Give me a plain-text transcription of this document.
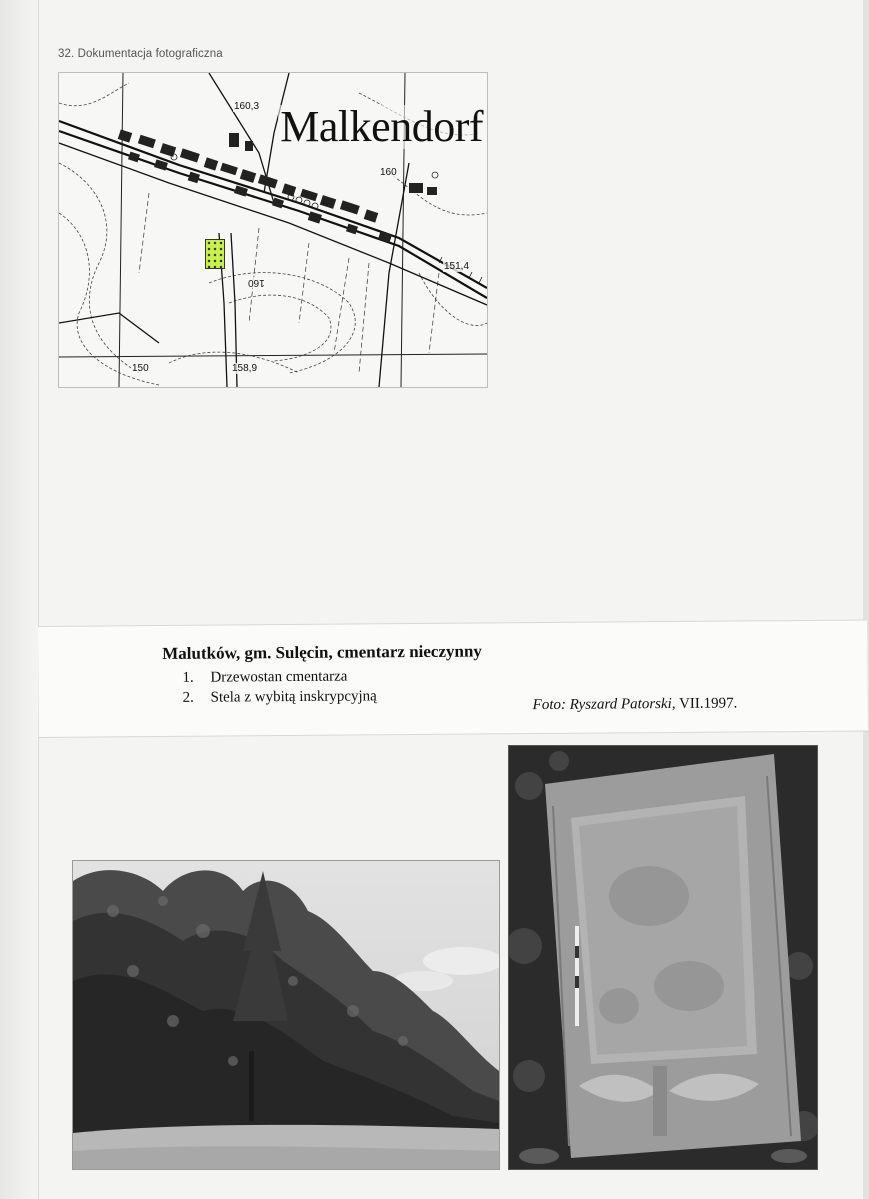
32. Dokumentacja fotograficzna
Malkendorf
160,3
160
151,4
160
150	158,9
Malutków, gm. Sulęcin, cmentarz nieczynny
1. Drzewostan cmentarza
2. Stela z wybitą inskrypcyjną	Foto: Ryszard Patorski, VII.1997.
